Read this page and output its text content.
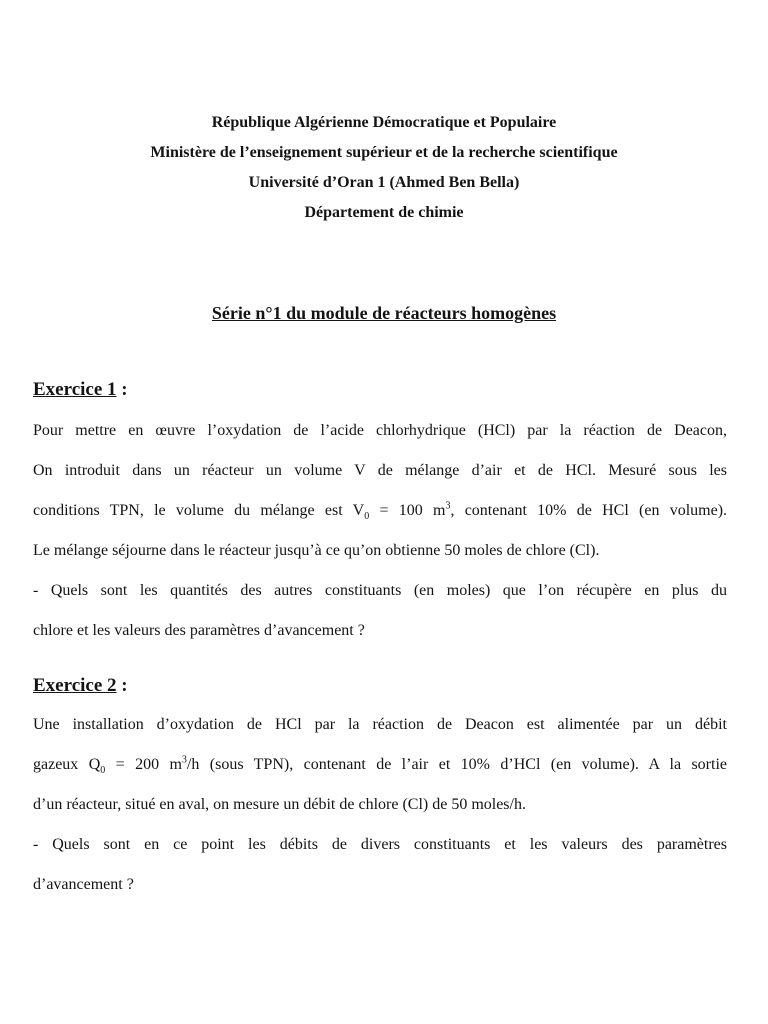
République Algérienne Démocratique et Populaire
Ministère de l’enseignement supérieur et de la recherche scientifique
Université d’Oran 1 (Ahmed Ben Bella)
Département de chimie
Série n°1 du module de réacteurs homogènes
Exercice 1 :
Pour mettre en œuvre l’oxydation de l’acide chlorhydrique (HCl) par la réaction de Deacon,
On introduit dans un réacteur un volume V de mélange d’air et de HCl. Mesuré sous les
conditions TPN, le volume du mélange est $V_0 = 100$ $m^3$, contenant 10% de HCl (en volume).
Le mélange séjourne dans le réacteur jusqu’à ce qu’on obtienne 50 moles de chlore (Cl).
- Quels sont les quantités des autres constituants (en moles) que l’on récupère en plus du
chlore et les valeurs des paramètres d’avancement ?
Exercice 2 :
Une installation d’oxydation de HCl par la réaction de Deacon est alimentée par un débit
gazeux $Q_0 = 200$ $m^3/h$ (sous TPN), contenant de l’air et 10% d’HCl (en volume). A la sortie
d’un réacteur, situé en aval, on mesure un débit de chlore (Cl) de 50 moles/h.
- Quels sont en ce point les débits de divers constituants et les valeurs des paramètres
d’avancement ?
